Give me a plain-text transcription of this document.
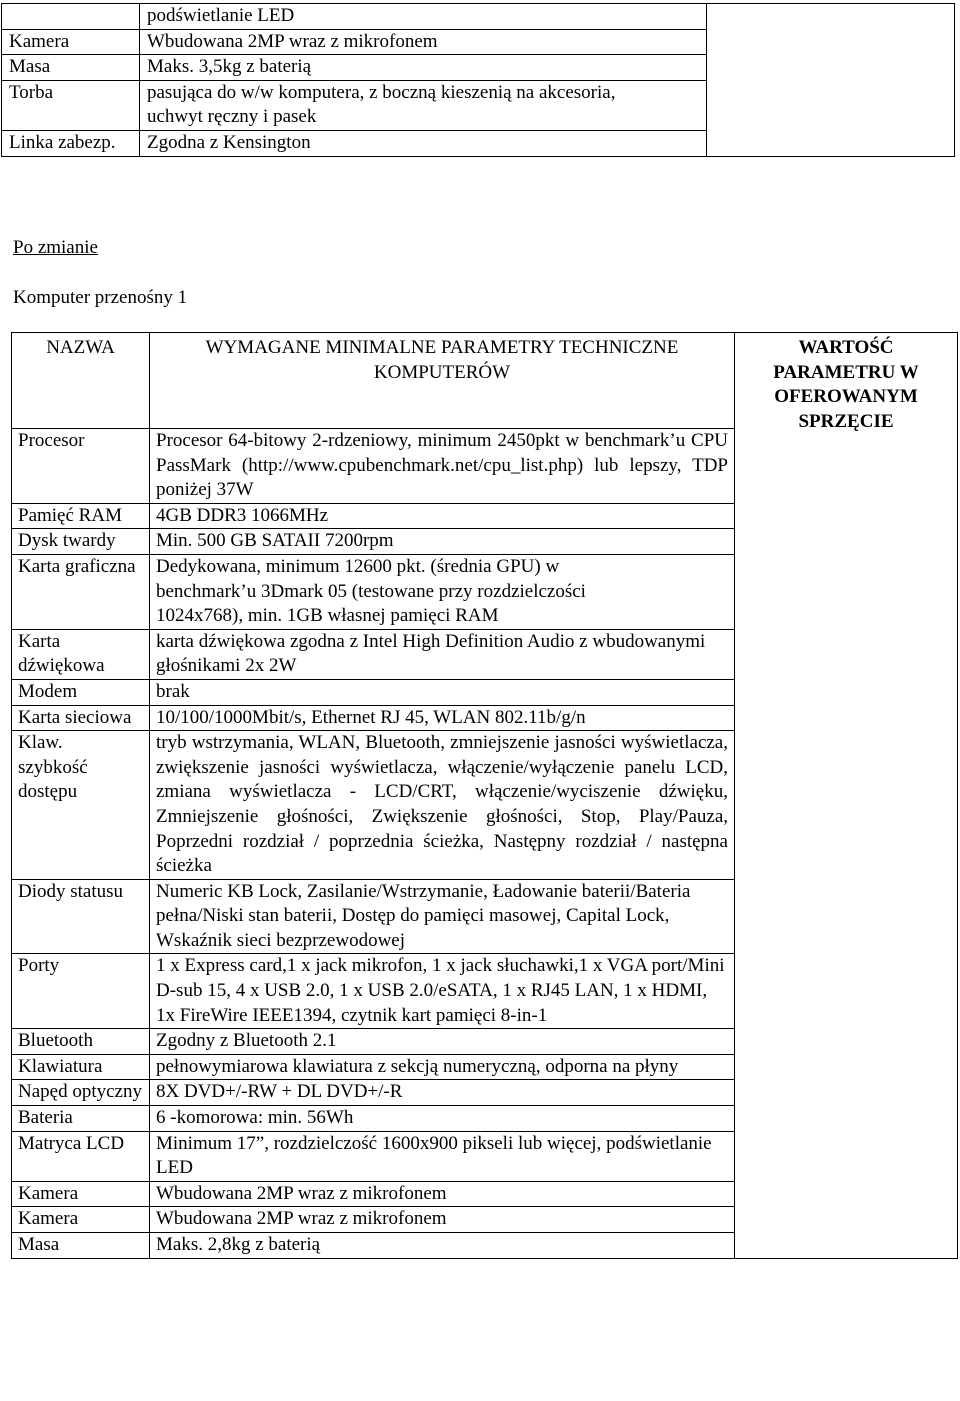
	podświetlanie LED	
Kamera	Wbudowana 2MP wraz z mikrofonem	
Masa	Maks. 3,5kg z baterią	
Torba	pasująca do w/w komputera, z boczną kieszenią na akcesoria, uchwyt ręczny i pasek	
Linka zabezp.	Zgodna z Kensington	

Po zmianie

Komputer przenośny 1

NAZWA	WYMAGANE MINIMALNE PARAMETRY TECHNICZNE KOMPUTERÓW	WARTOŚĆ PARAMETRU W OFEROWANYM SPRZĘCIE
Procesor	Procesor 64-bitowy 2-rdzeniowy, minimum 2450pkt w benchmark’u CPU PassMark (http://www.cpubenchmark.net/cpu_list.php) lub lepszy, TDP poniżej 37W	
Pamięć RAM	4GB DDR3 1066MHz	
Dysk twardy	Min. 500 GB SATAII 7200rpm	
Karta graficzna	Dedykowana, minimum 12600 pkt. (średnia GPU) w benchmark’u 3Dmark 05 (testowane przy rozdzielczości 1024x768), min. 1GB własnej pamięci RAM	
Karta dźwiękowa	karta dźwiękowa zgodna z Intel High Definition Audio z wbudowanymi głośnikami 2x 2W	
Modem	brak	
Karta sieciowa	10/100/1000Mbit/s, Ethernet RJ 45, WLAN 802.11b/g/n	
Klaw. szybkość dostępu	tryb wstrzymania, WLAN, Bluetooth, zmniejszenie jasności wyświetlacza, zwiększenie jasności wyświetlacza, włączenie/wyłączenie panelu LCD, zmiana wyświetlacza - LCD/CRT, włączenie/wyciszenie dźwięku, Zmniejszenie głośności, Zwiększenie głośności, Stop, Play/Pauza, Poprzedni rozdział / poprzednia ścieżka, Następny rozdział / następna ścieżka	
Diody statusu	Numeric KB Lock, Zasilanie/Wstrzymanie, Ładowanie baterii/Bateria pełna/Niski stan baterii, Dostęp do pamięci masowej, Capital Lock, Wskaźnik sieci bezprzewodowej	
Porty	1 x Express card,1 x jack mikrofon, 1 x jack słuchawki,1 x VGA port/Mini D-sub 15, 4 x USB 2.0, 1 x USB 2.0/eSATA, 1 x RJ45 LAN, 1 x HDMI, 1x FireWire IEEE1394, czytnik kart pamięci 8-in-1	
Bluetooth	Zgodny z Bluetooth 2.1	
Klawiatura	pełnowymiarowa klawiatura z sekcją numeryczną, odporna na płyny	
Napęd optyczny	8X DVD+/-RW + DL DVD+/-R	
Bateria	6 -komorowa: min. 56Wh	
Matryca LCD	Minimum 17”, rozdzielczość 1600x900 pikseli lub więcej, podświetlanie LED	
Kamera	Wbudowana 2MP wraz z mikrofonem	
Kamera	Wbudowana 2MP wraz z mikrofonem	
Masa	Maks. 2,8kg z baterią	
